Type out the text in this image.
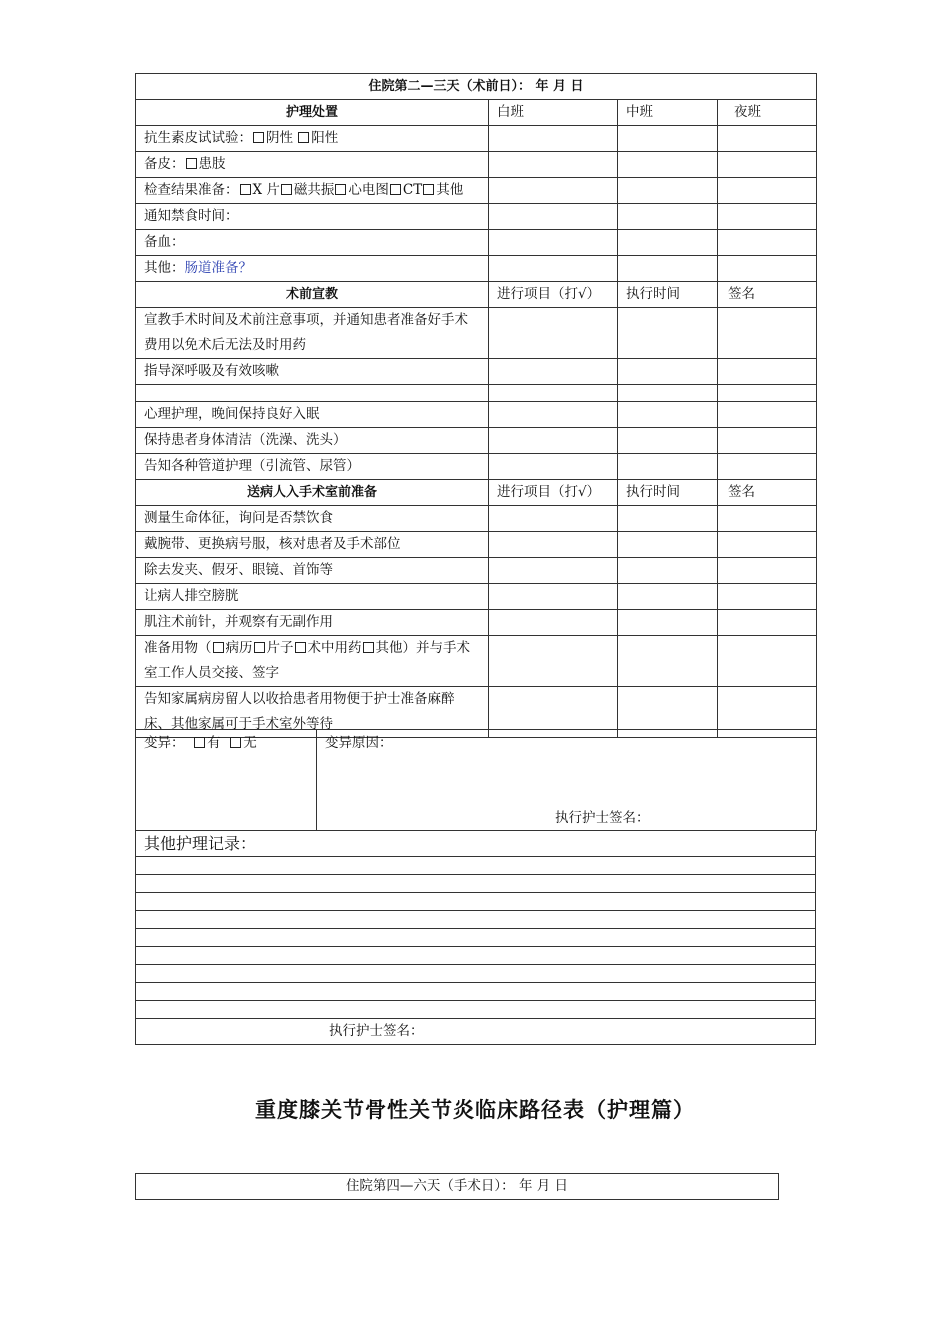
住院第二—三天（术前日）： 年 月 日			
护理处置	白班	中班	夜班
抗生素皮试试验： 阴性 阳性			
备皮： 患肢			
检查结果准备： X 片 磁共振 心电图 CT 其他			
通知禁食时间：			
备血：			
其他：肠道准备？			
术前宣教	进行项目（打√）	执行时间	签名
宣教手术时间及术前注意事项，并通知患者准备好手术费用以免术后无法及时用药			
指导深呼吸及有效咳嗽			

心理护理，晚间保持良好入眠			
保持患者身体清洁（洗澡、洗头）			
告知各种管道护理（引流管、尿管）			
送病人入手术室前准备	进行项目（打√）	执行时间	签名
测量生命体征，询问是否禁饮食			
戴腕带、更换病号服，核对患者及手术部位			
除去发夹、假牙、眼镜、首饰等			
让病人排空膀胱			
肌注术前针，并观察有无副作用			
准备用物（ 病历 片子 术中用药 其他）并与手术室工作人员交接、签字			
告知家属病房留人以收拾患者用物便于护士准备麻醉床、其他家属可于手术室外等待			
变异： 有 无	变异原因：
执行护士签名：
其他护理记录：

执行护士签名：
重度膝关节骨性关节炎临床路径表（护理篇）
住院第四—六天（手术日）： 年 月 日
